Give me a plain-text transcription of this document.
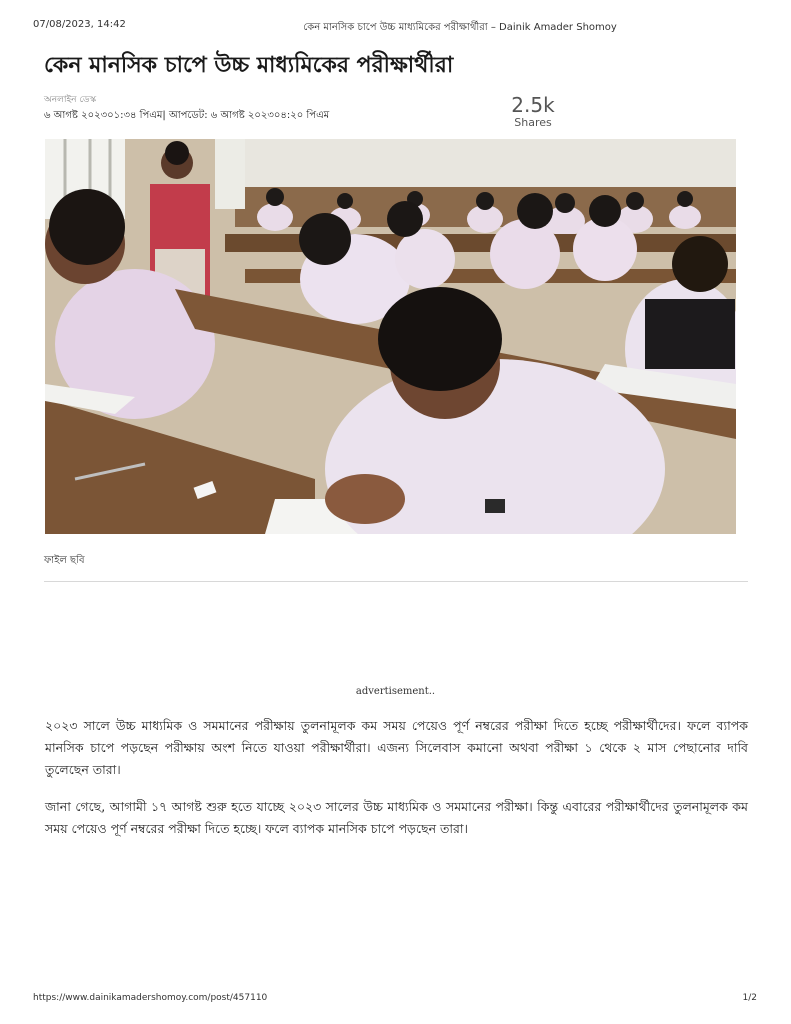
07/08/2023, 14:42	কেন মানসিক চাপে উচ্চ মাধ্যমিকের পরীক্ষার্থীরা – Dainik Amader Shomoy
কেন মানসিক চাপে উচ্চ মাধ্যমিকের পরীক্ষার্থীরা
অনলাইন ডেস্ক
৬ আগষ্ট ২০২৩০১:৩৪ পিএম| আপডেট: ৬ আগষ্ট ২০২৩০৪:২০ পিএম	2.5k
Shares
ফাইল ছবি
advertisement..

২০২৩ সালে উচ্চ মাধ্যমিক ও সমমানের পরীক্ষায় তুলনামূলক কম সময় পেয়েও পূর্ণ নম্বরের পরীক্ষা দিতে হচ্ছে পরীক্ষার্থীদের। ফলে ব্যাপক মানসিক চাপে পড়ছেন পরীক্ষায় অংশ নিতে যাওয়া পরীক্ষার্থীরা। এজন্য সিলেবাস কমানো অথবা পরীক্ষা ১ থেকে ২ মাস পেছানোর দাবি তুলেছেন তারা।

জানা গেছে, আগামী ১৭ আগষ্ট শুরু হতে যাচ্ছে ২০২৩ সালের উচ্চ মাধ্যমিক ও সমমানের পরীক্ষা। কিন্তু এবারের পরীক্ষার্থীদের তুলনামূলক কম সময় পেয়েও পূর্ণ নম্বরের পরীক্ষা দিতে হচ্ছে। ফলে ব্যাপক মানসিক চাপে পড়ছেন তারা।

https://www.dainikamadershomoy.com/post/457110	1/2
